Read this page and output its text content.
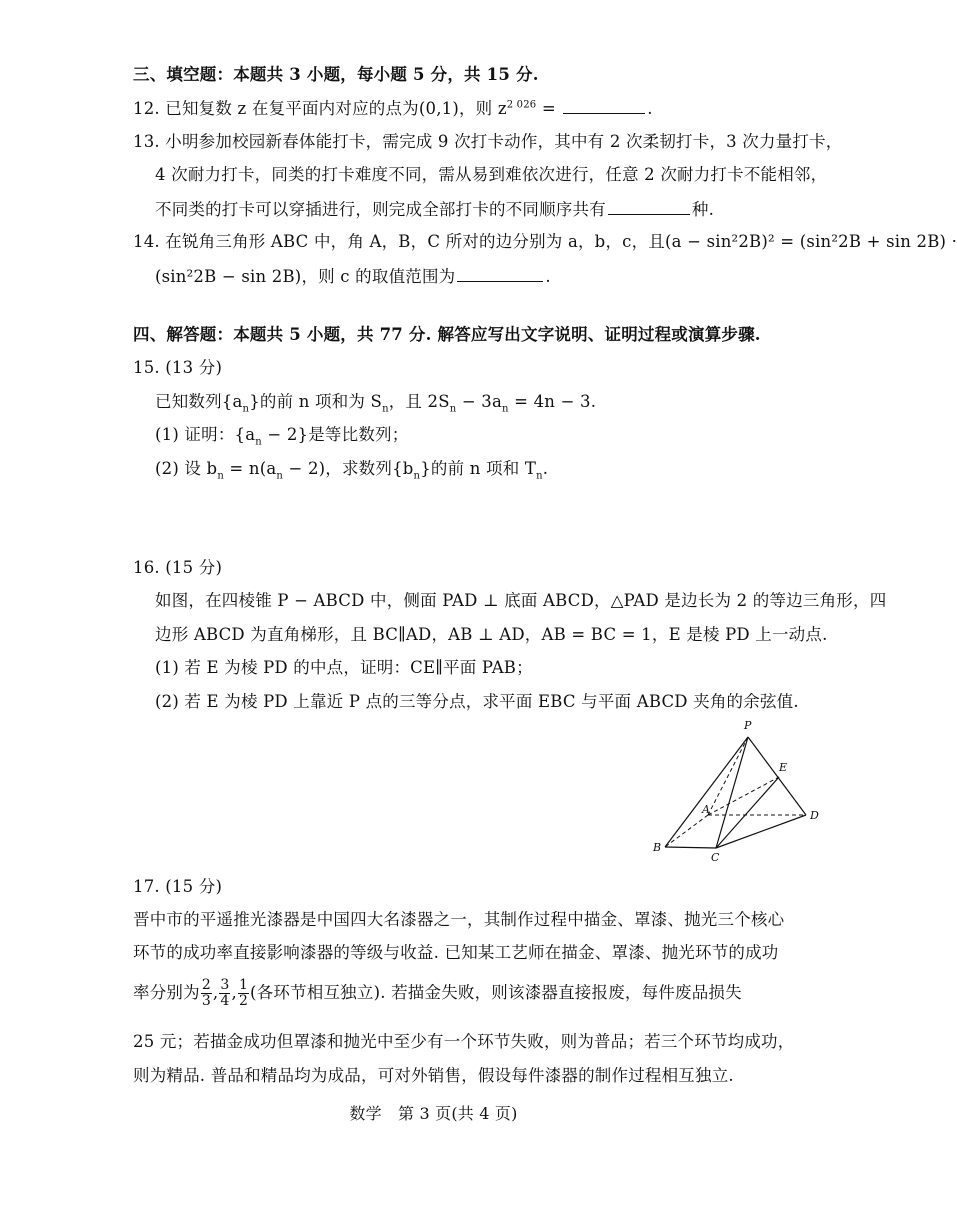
三、填空题：本题共 3 小题，每小题 5 分，共 15 分.
12. 已知复数 z 在复平面内对应的点为(0,1)，则 $z^{2 026}$ =	.
13. 小明参加校园新春体能打卡，需完成 9 次打卡动作，其中有 2 次柔韧打卡，3 次力量打卡，
4 次耐力打卡，同类的打卡难度不同，需从易到难依次进行，任意 2 次耐力打卡不能相邻，
不同类的打卡可以穿插进行，则完成全部打卡的不同顺序共有	种.
14. 在锐角三角形 ABC 中，角 A，B，C 所对的边分别为 a，b，c，且(a − sin²2B)² = (sin²2B + sin 2B) ·
(sin²2B − sin 2B)，则 c 的取值范围为	.
四、解答题：本题共 5 小题，共 77 分. 解答应写出文字说明、证明过程或演算步骤.
15. (13 分)
已知数列$\{a_n\}$的前 n 项和为 $S_n$，且 $2S_n - 3a_n = 4n - 3$.
(1) 证明：$\{a_n - 2\}$是等比数列；
(2) 设 $b_n = n(a_n - 2)$，求数列$\{b_n\}$的前 n 项和 $T_n$.
16. (15 分)
如图，在四棱锥 P − ABCD 中，侧面 PAD ⊥ 底面 ABCD，△PAD 是边长为 2 的等边三角形，四
边形 ABCD 为直角梯形，且 BC∥AD，AB ⊥ AD，AB = BC = 1，E 是棱 PD 上一动点.
(1) 若 E 为棱 PD 的中点，证明：CE∥平面 PAB；
(2) 若 E 为棱 PD 上靠近 P 点的三等分点，求平面 EBC 与平面 ABCD 夹角的余弦值.
P
E
A	D
B
C
17. (15 分)
晋中市的平遥推光漆器是中国四大名漆器之一，其制作过程中描金、罩漆、抛光三个核心
环节的成功率直接影响漆器的等级与收益. 已知某工艺师在描金、罩漆、抛光环节的成功
率分别为 $\frac{2}{3}$ , $\frac{3}{4}$ , $\frac{1}{2}$ (各环节相互独立). 若描金失败，则该漆器直接报废，每件废品损失
25 元；若描金成功但罩漆和抛光中至少有一个环节失败，则为普品；若三个环节均成功，
则为精品. 普品和精品均为成品，可对外销售，假设每件漆器的制作过程相互独立.
数学　第 3 页(共 4 页)
